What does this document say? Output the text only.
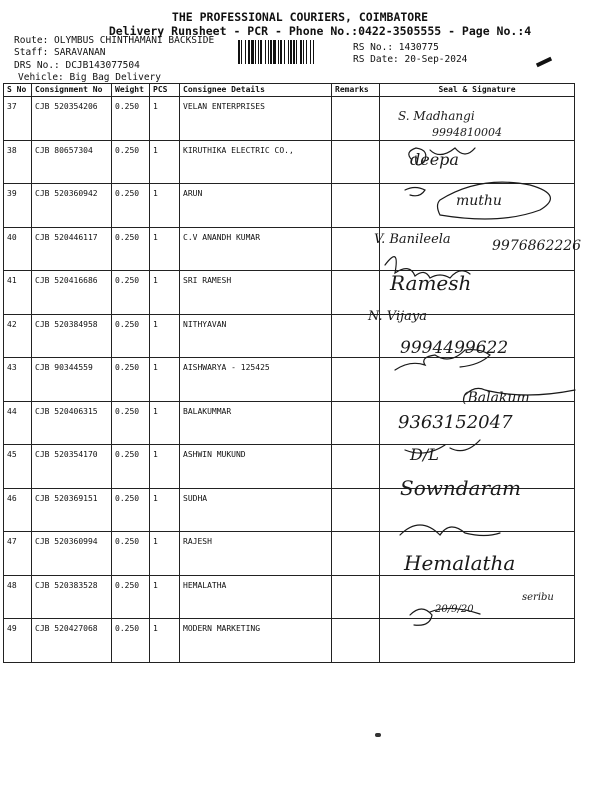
THE PROFESSIONAL COURIERS, COIMBATORE
Delivery Runsheet - PCR - Phone No.:0422-3505555 - Page No.:4
Route: OLYMBUS CHINTHAMANI BACKSIDE
Staff: SARAVANAN
DRS No.: DCJB143077504
Vehicle: Big Bag Delivery
RS No.: 1430775
RS Date: 20-Sep-2024
S No	Consignment No	Weight	PCS	Consignee Details	Remarks	Seal & Signature
37	CJB 520354206	0.250	1	VELAN ENTERPRISES		
38	CJB 80657304	0.250	1	KIRUTHIKA ELECTRIC CO.,		
39	CJB 520360942	0.250	1	ARUN		
40	CJB 520446117	0.250	1	C.V ANANDH KUMAR		
41	CJB 520416686	0.250	1	SRI RAMESH		
42	CJB 520384958	0.250	1	NITHYAVAN		
43	CJB 90344559	0.250	1	AISHWARYA - 125425		
44	CJB 520406315	0.250	1	BALAKUMMAR		
45	CJB 520354170	0.250	1	ASHWIN MUKUND		
46	CJB 520369151	0.250	1	SUDHA		
47	CJB 520360994	0.250	1	RAJESH		
48	CJB 520383528	0.250	1	HEMALATHA		
49	CJB 520427068	0.250	1	MODERN MARKETING		
S. Madhangi
9994810004
deepa
muthu
V. Banileela	9976862226
Ramesh
N. Vijaya
9994499622
(Balakum
9363152047
D/L
Sowndaram
Hemalatha
20/9/20
seribu
